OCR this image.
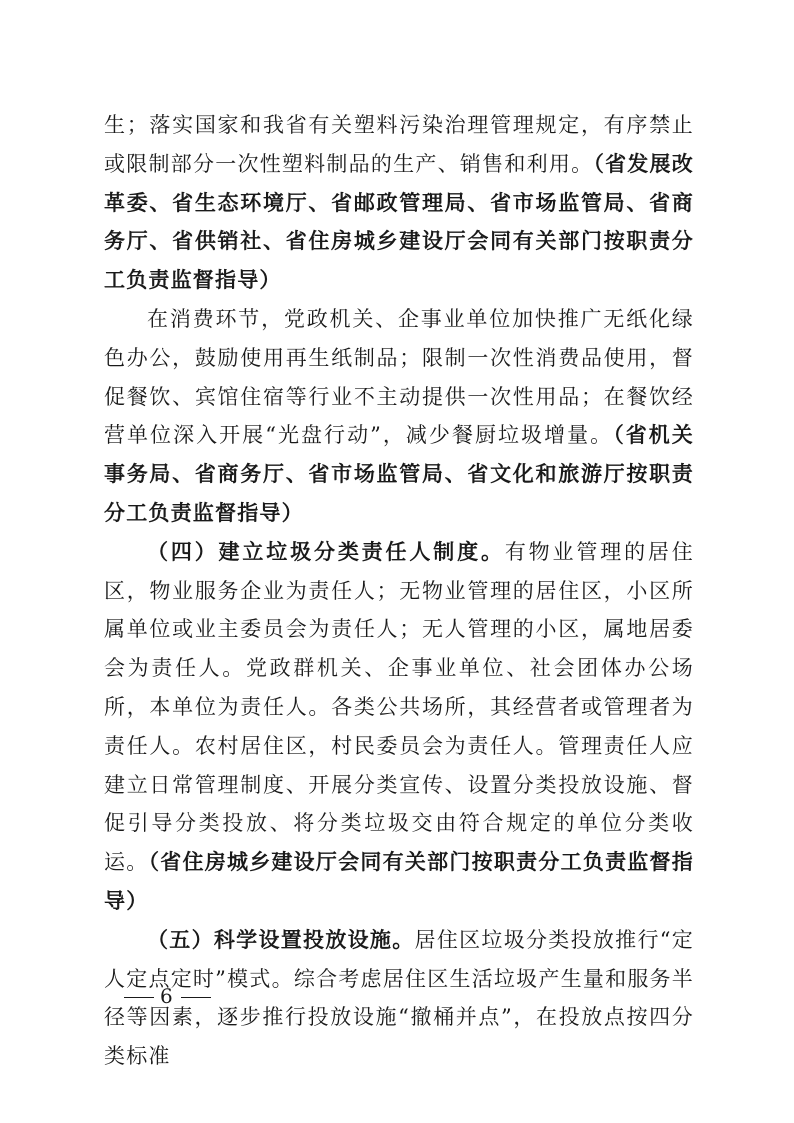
生；落实国家和我省有关塑料污染治理管理规定，有序禁止或限制部分一次性塑料制品的生产、销售和利用。（省发展改革委、省生态环境厅、省邮政管理局、省市场监管局、省商务厅、省供销社、省住房城乡建设厅会同有关部门按职责分工负责监督指导）

在消费环节，党政机关、企事业单位加快推广无纸化绿色办公，鼓励使用再生纸制品；限制一次性消费品使用，督促餐饮、宾馆住宿等行业不主动提供一次性用品；在餐饮经营单位深入开展“光盘行动”，减少餐厨垃圾增量。（省机关事务局、省商务厅、省市场监管局、省文化和旅游厅按职责分工负责监督指导）

（四）建立垃圾分类责任人制度。有物业管理的居住区，物业服务企业为责任人；无物业管理的居住区，小区所属单位或业主委员会为责任人；无人管理的小区，属地居委会为责任人。党政群机关、企事业单位、社会团体办公场所，本单位为责任人。各类公共场所，其经营者或管理者为责任人。农村居住区，村民委员会为责任人。管理责任人应建立日常管理制度、开展分类宣传、设置分类投放设施、督促引导分类投放、将分类垃圾交由符合规定的单位分类收运。（省住房城乡建设厅会同有关部门按职责分工负责监督指导）

（五）科学设置投放设施。居住区垃圾分类投放推行“定人定点定时”模式。综合考虑居住区生活垃圾产生量和服务半径等因素，逐步推行投放设施“撤桶并点”，在投放点按四分类标准

6
